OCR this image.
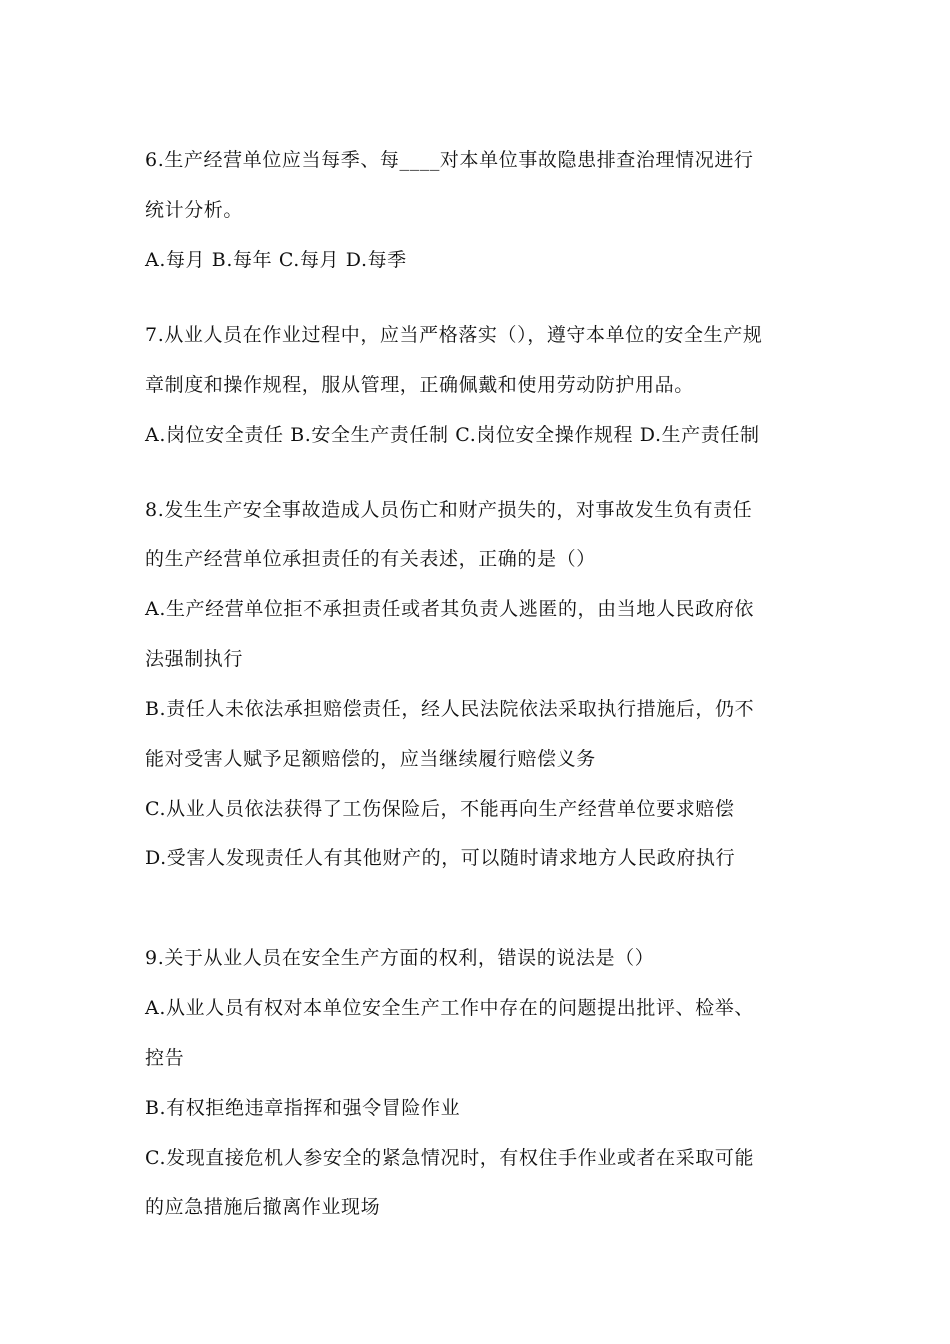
6.生产经营单位应当每季、每____对本单位事故隐患排查治理情况进行
统计分析。
A.每月 B.每年 C.每月 D.每季
7.从业人员在作业过程中，应当严格落实（），遵守本单位的安全生产规
章制度和操作规程，服从管理，正确佩戴和使用劳动防护用品。
A.岗位安全责任 B.安全生产责任制 C.岗位安全操作规程 D.生产责任制
8.发生生产安全事故造成人员伤亡和财产损失的，对事故发生负有责任
的生产经营单位承担责任的有关表述，正确的是（）
A.生产经营单位拒不承担责任或者其负责人逃匿的，由当地人民政府依
法强制执行
B.责任人未依法承担赔偿责任，经人民法院依法采取执行措施后，仍不
能对受害人赋予足额赔偿的，应当继续履行赔偿义务
C.从业人员依法获得了工伤保险后，不能再向生产经营单位要求赔偿
D.受害人发现责任人有其他财产的，可以随时请求地方人民政府执行
9.关于从业人员在安全生产方面的权利，错误的说法是（）
A.从业人员有权对本单位安全生产工作中存在的问题提出批评、检举、
控告
B.有权拒绝违章指挥和强令冒险作业
C.发现直接危机人参安全的紧急情况时，有权住手作业或者在采取可能
的应急措施后撤离作业现场
